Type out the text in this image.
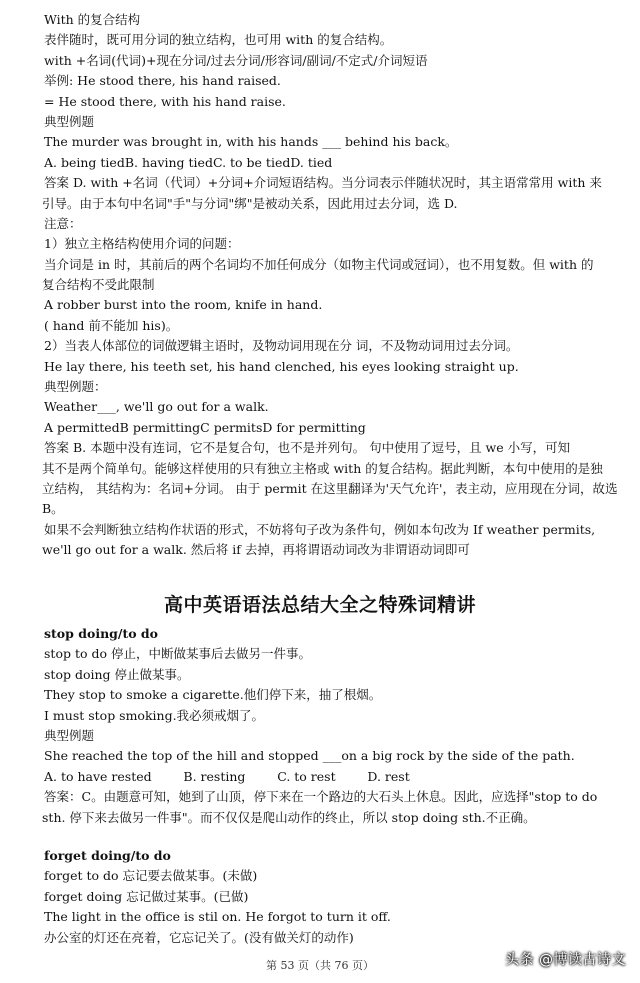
With 的复合结构
表伴随时，既可用分词的独立结构，也可用 with 的复合结构。
with +名词(代词)+现在分词/过去分词/形容词/副词/不定式/介词短语
举例: He stood there, his hand raised.
= He stood there, with his hand raise.
典型例题
The murder was brought in, with his hands ___ behind his back。
A. being tiedB. having tiedC. to be tiedD. tied
答案 D. with +名词（代词）+分词+介词短语结构。当分词表示伴随状况时，其主语常常用 with 来
引导。由于本句中名词"手"与分词"绑"是被动关系，因此用过去分词，选 D.
注意：
1）独立主格结构使用介词的问题：
当介词是 in 时，其前后的两个名词均不加任何成分（如物主代词或冠词），也不用复数。但 with 的
复合结构不受此限制
A robber burst into the room, knife in hand.
( hand 前不能加 his)。
2）当表人体部位的词做逻辑主语时，及物动词用现在分 词，不及物动词用过去分词。
He lay there, his teeth set, his hand clenched, his eyes looking straight up.
典型例题：
Weather___, we'll go out for a walk.
A permittedB permittingC permitsD for permitting
答案 B. 本题中没有连词，它不是复合句，也不是并列句。 句中使用了逗号，且 we 小写，可知
其不是两个简单句。能够这样使用的只有独立主格或 with 的复合结构。据此判断，本句中使用的是独
立结构， 其结构为：名词+分词。 由于 permit 在这里翻译为'天气允许'，表主动，应用现在分词，故选
B。
如果不会判断独立结构作状语的形式，不妨将句子改为条件句，例如本句改为 If weather permits,
we'll go out for a walk. 然后将 if 去掉，再将谓语动词改为非谓语动词即可
高中英语语法总结大全之特殊词精讲
stop doing/to do
stop to do 停止，中断做某事后去做另一件事。
stop doing 停止做某事。
They stop to smoke a cigarette.他们停下来，抽了根烟。
I must stop smoking.我必须戒烟了。
典型例题
She reached the top of the hill and stopped ___on a big rock by the side of the path.
A. to have rested        B. resting        C. to rest        D. rest
答案：C。由题意可知，她到了山顶，停下来在一个路边的大石头上休息。因此，应选择"stop to do
sth. 停下来去做另一件事"。而不仅仅是爬山动作的终止，所以 stop doing sth.不正确。
forget doing/to do
forget to do 忘记要去做某事。(未做)
forget doing 忘记做过某事。(已做)
The light in the office is stil on. He forgot to turn it off.
办公室的灯还在亮着，它忘记关了。(没有做关灯的动作)
第 53 页（共 76 页）	头条 @博读古诗文
